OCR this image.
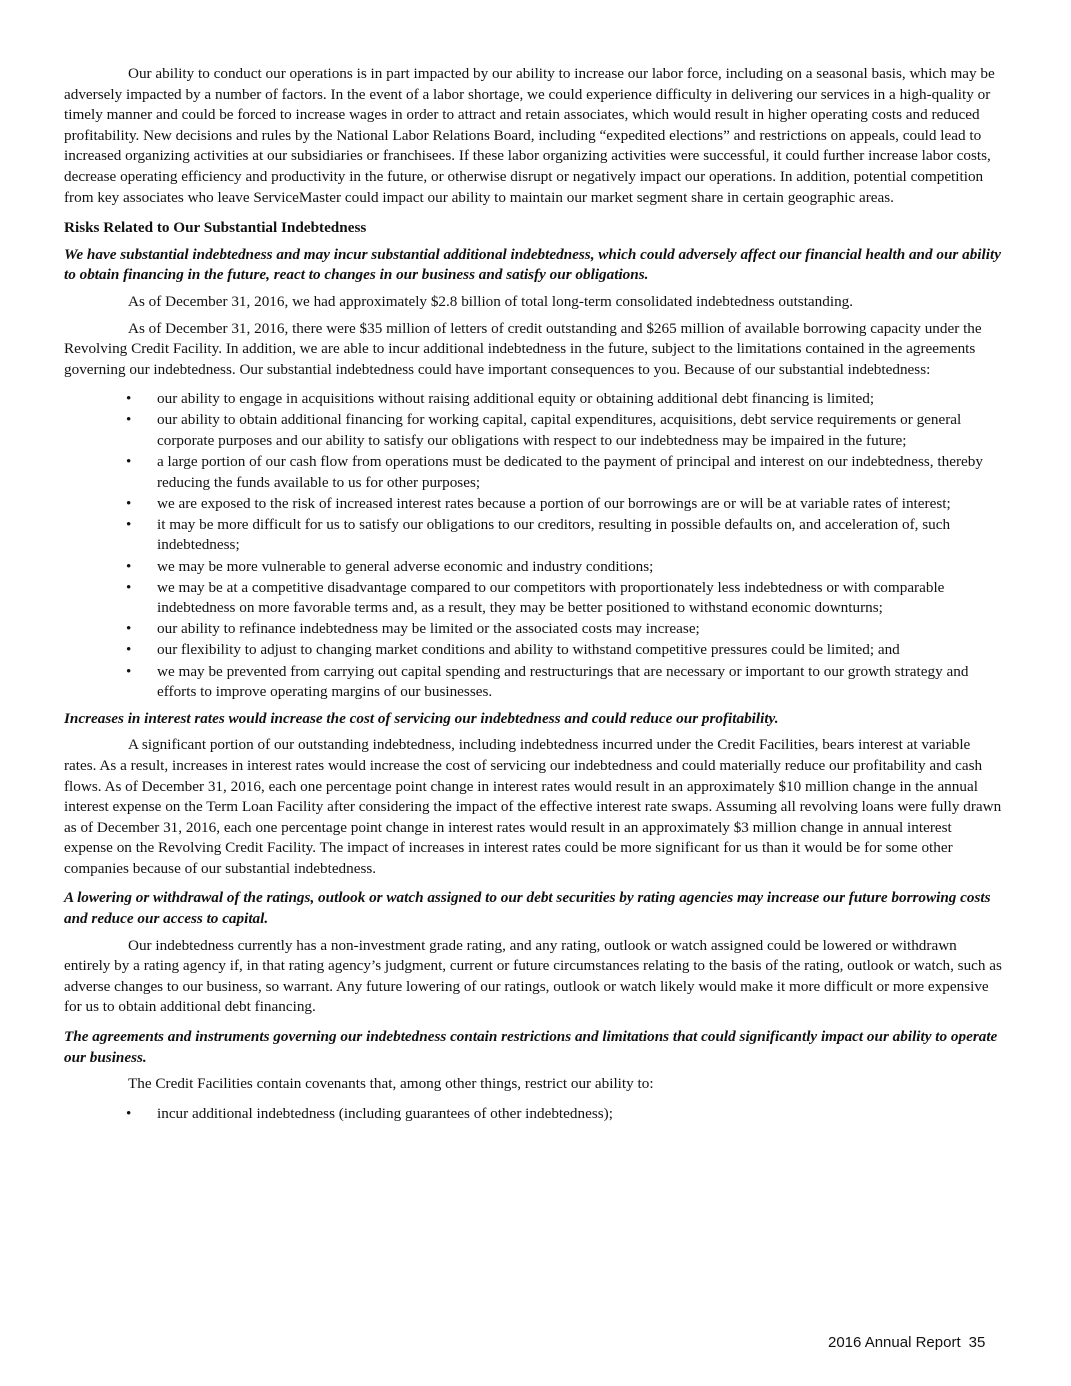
Our ability to conduct our operations is in part impacted by our ability to increase our labor force, including on a seasonal basis, which may be adversely impacted by a number of factors. In the event of a labor shortage, we could experience difficulty in delivering our services in a high-quality or timely manner and could be forced to increase wages in order to attract and retain associates, which would result in higher operating costs and reduced profitability. New decisions and rules by the National Labor Relations Board, including “expedited elections” and restrictions on appeals, could lead to increased organizing activities at our subsidiaries or franchisees. If these labor organizing activities were successful, it could further increase labor costs, decrease operating efficiency and productivity in the future, or otherwise disrupt or negatively impact our operations. In addition, potential competition from key associates who leave ServiceMaster could impact our ability to maintain our market segment share in certain geographic areas.

Risks Related to Our Substantial Indebtedness

We have substantial indebtedness and may incur substantial additional indebtedness, which could adversely affect our financial health and our ability to obtain financing in the future, react to changes in our business and satisfy our obligations.

As of December 31, 2016, we had approximately $2.8 billion of total long-term consolidated indebtedness outstanding.

As of December 31, 2016, there were $35 million of letters of credit outstanding and $265 million of available borrowing capacity under the Revolving Credit Facility. In addition, we are able to incur additional indebtedness in the future, subject to the limitations contained in the agreements governing our indebtedness. Our substantial indebtedness could have important consequences to you. Because of our substantial indebtedness:

• our ability to engage in acquisitions without raising additional equity or obtaining additional debt financing is limited;
• our ability to obtain additional financing for working capital, capital expenditures, acquisitions, debt service requirements or general corporate purposes and our ability to satisfy our obligations with respect to our indebtedness may be impaired in the future;
• a large portion of our cash flow from operations must be dedicated to the payment of principal and interest on our indebtedness, thereby reducing the funds available to us for other purposes;
• we are exposed to the risk of increased interest rates because a portion of our borrowings are or will be at variable rates of interest;
• it may be more difficult for us to satisfy our obligations to our creditors, resulting in possible defaults on, and acceleration of, such indebtedness;
• we may be more vulnerable to general adverse economic and industry conditions;
• we may be at a competitive disadvantage compared to our competitors with proportionately less indebtedness or with comparable indebtedness on more favorable terms and, as a result, they may be better positioned to withstand economic downturns;
• our ability to refinance indebtedness may be limited or the associated costs may increase;
• our flexibility to adjust to changing market conditions and ability to withstand competitive pressures could be limited; and
• we may be prevented from carrying out capital spending and restructurings that are necessary or important to our growth strategy and efforts to improve operating margins of our businesses.

Increases in interest rates would increase the cost of servicing our indebtedness and could reduce our profitability.

A significant portion of our outstanding indebtedness, including indebtedness incurred under the Credit Facilities, bears interest at variable rates. As a result, increases in interest rates would increase the cost of servicing our indebtedness and could materially reduce our profitability and cash flows. As of December 31, 2016, each one percentage point change in interest rates would result in an approximately $10 million change in the annual interest expense on the Term Loan Facility after considering the impact of the effective interest rate swaps. Assuming all revolving loans were fully drawn as of December 31, 2016, each one percentage point change in interest rates would result in an approximately $3 million change in annual interest expense on the Revolving Credit Facility. The impact of increases in interest rates could be more significant for us than it would be for some other companies because of our substantial indebtedness.

A lowering or withdrawal of the ratings, outlook or watch assigned to our debt securities by rating agencies may increase our future borrowing costs and reduce our access to capital.

Our indebtedness currently has a non-investment grade rating, and any rating, outlook or watch assigned could be lowered or withdrawn entirely by a rating agency if, in that rating agency’s judgment, current or future circumstances relating to the basis of the rating, outlook or watch, such as adverse changes to our business, so warrant. Any future lowering of our ratings, outlook or watch likely would make it more difficult or more expensive for us to obtain additional debt financing.

The agreements and instruments governing our indebtedness contain restrictions and limitations that could significantly impact our ability to operate our business.

The Credit Facilities contain covenants that, among other things, restrict our ability to:

• incur additional indebtedness (including guarantees of other indebtedness);
2016 Annual Report 35
